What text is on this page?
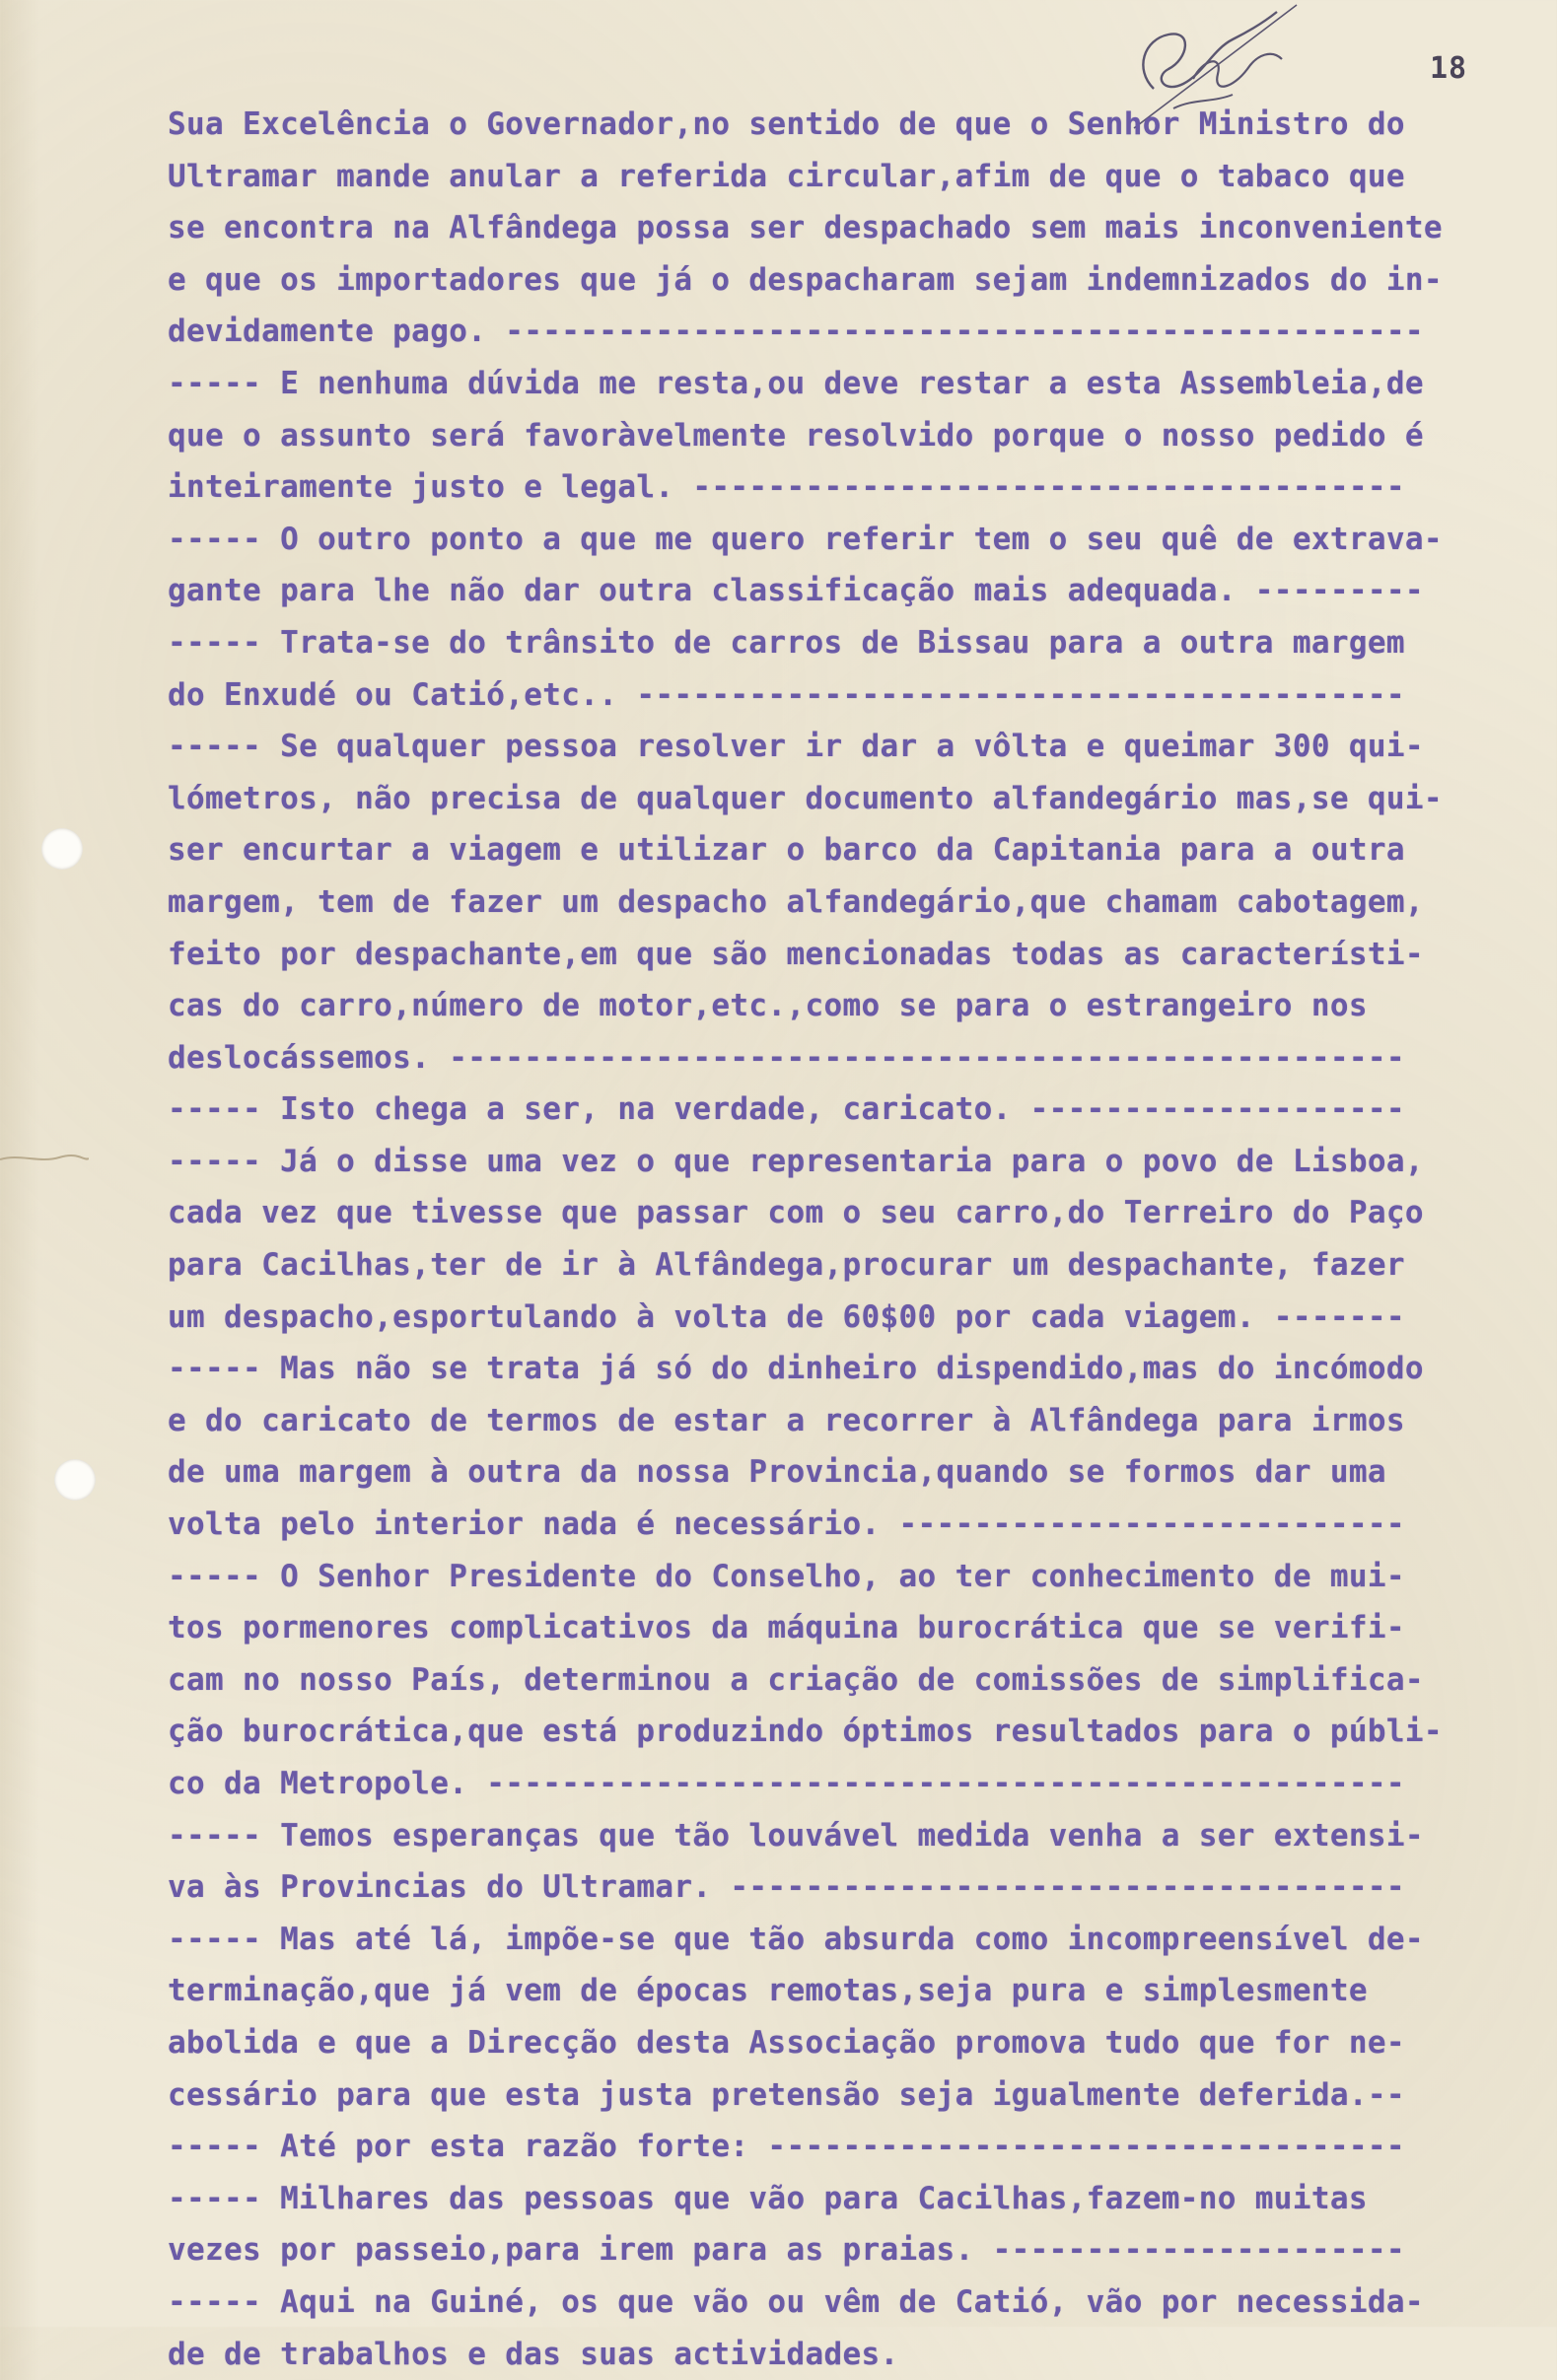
18
Sua Excelência o Governador,no sentido de que o Senhor Ministro do
Ultramar mande anular a referida circular,afim de que o tabaco que
se encontra na Alfândega possa ser despachado sem mais inconveniente
e que os importadores que já o despacharam sejam indemnizados do in-
devidamente pago. -------------------------------------------------
----- E nenhuma dúvida me resta,ou deve restar a esta Assembleia,de
que o assunto será favoràvelmente resolvido porque o nosso pedido é
inteiramente justo e legal. --------------------------------------
----- O outro ponto a que me quero referir tem o seu quê de extrava-
gante para lhe não dar outra classificação mais adequada. ---------
----- Trata-se do trânsito de carros de Bissau para a outra margem
do Enxudé ou Catió,etc.. -----------------------------------------
----- Se qualquer pessoa resolver ir dar a vôlta e queimar 300 qui-
lómetros, não precisa de qualquer documento alfandegário mas,se qui-
ser encurtar a viagem e utilizar o barco da Capitania para a outra
margem, tem de fazer um despacho alfandegário,que chamam cabotagem,
feito por despachante,em que são mencionadas todas as característi-
cas do carro,número de motor,etc.,como se para o estrangeiro nos
deslocássemos. ---------------------------------------------------
----- Isto chega a ser, na verdade, caricato. --------------------
----- Já o disse uma vez o que representaria para o povo de Lisboa,
cada vez que tivesse que passar com o seu carro,do Terreiro do Paço
para Cacilhas,ter de ir à Alfândega,procurar um despachante, fazer
um despacho,esportulando à volta de 60$00 por cada viagem. -------
----- Mas não se trata já só do dinheiro dispendido,mas do incómodo
e do caricato de termos de estar a recorrer à Alfândega para irmos
de uma margem à outra da nossa Provincia,quando se formos dar uma
volta pelo interior nada é necessário. ---------------------------
----- O Senhor Presidente do Conselho, ao ter conhecimento de mui-
tos pormenores complicativos da máquina burocrática que se verifi-
cam no nosso País, determinou a criação de comissões de simplifica-
ção burocrática,que está produzindo óptimos resultados para o públi-
co da Metropole. -------------------------------------------------
----- Temos esperanças que tão louvável medida venha a ser extensi-
va às Provincias do Ultramar. ------------------------------------
----- Mas até lá, impõe-se que tão absurda como incompreensível de-
terminação,que já vem de épocas remotas,seja pura e simplesmente
abolida e que a Direcção desta Associação promova tudo que for ne-
cessário para que esta justa pretensão seja igualmente deferida.--
----- Até por esta razão forte: ----------------------------------
----- Milhares das pessoas que vão para Cacilhas,fazem-no muitas
vezes por passeio,para irem para as praias. ----------------------
----- Aqui na Guiné, os que vão ou vêm de Catió, vão por necessida-
de de trabalhos e das suas actividades.
